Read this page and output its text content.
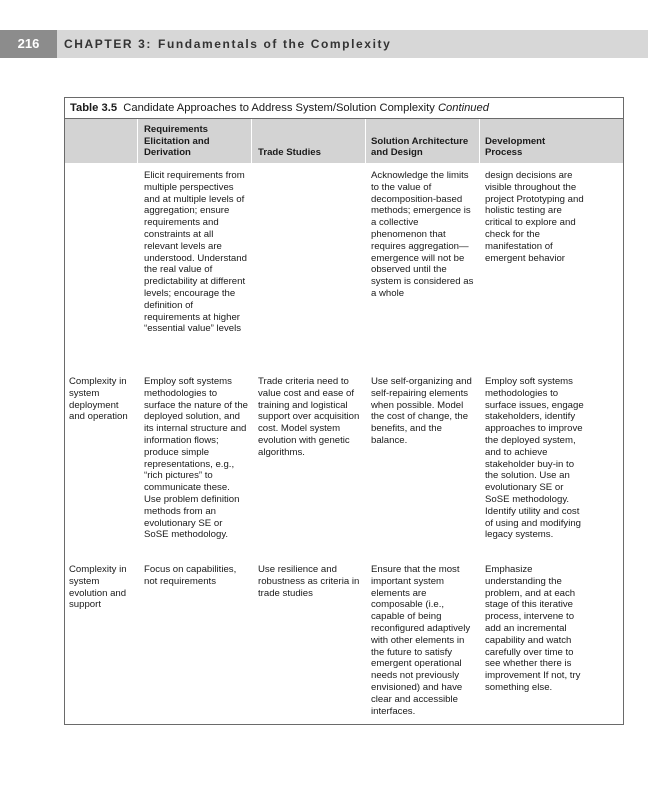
216	CHAPTER 3: Fundamentals of the Complexity
Table 3.5 Candidate Approaches to Address System/Solution Complexity Continued
Requirements Elicitation and Derivation	Trade Studies
Solution Architecture and Design
Development Process
Elicit requirements from multiple perspectives and at multiple levels of aggregation; ensure requirements and constraints at all relevant levels are understood. Understand the real value of predictability at different levels; encourage the definition of requirements at higher “essential value” levels
Acknowledge the limits to the value of decomposition-based methods; emergence is a collective phenomenon that requires aggregation—emergence will not be observed until the system is considered as a whole
design decisions are visible throughout the project Prototyping and holistic testing are critical to explore and check for the manifestation of emergent behavior
Complexity in system deployment and operation
Employ soft systems methodologies to surface the nature of the deployed solution, and its internal structure and information flows; produce simple representations, e.g., “rich pictures” to communicate these. Use problem definition methods from an evolutionary SE or SoSE methodology.
Trade criteria need to value cost and ease of training and logistical support over acquisition cost. Model system evolution with genetic algorithms.
Use self-organizing and self-repairing elements when possible. Model the cost of change, the benefits, and the balance.
Employ soft systems methodologies to surface issues, engage stakeholders, identify approaches to improve the deployed system, and to achieve stakeholder buy-in to the solution. Use an evolutionary SE or SoSE methodology. Identify utility and cost of using and modifying legacy systems.
Complexity in system evolution and support
Focus on capabilities, not requirements
Use resilience and robustness as criteria in trade studies
Ensure that the most important system elements are composable (i.e., capable of being reconfigured adaptively with other elements in the future to satisfy emergent operational needs not previously envisioned) and have clear and accessible interfaces.
Emphasize understanding the problem, and at each stage of this iterative process, intervene to add an incremental capability and watch carefully over time to see whether there is improvement If not, try something else.
